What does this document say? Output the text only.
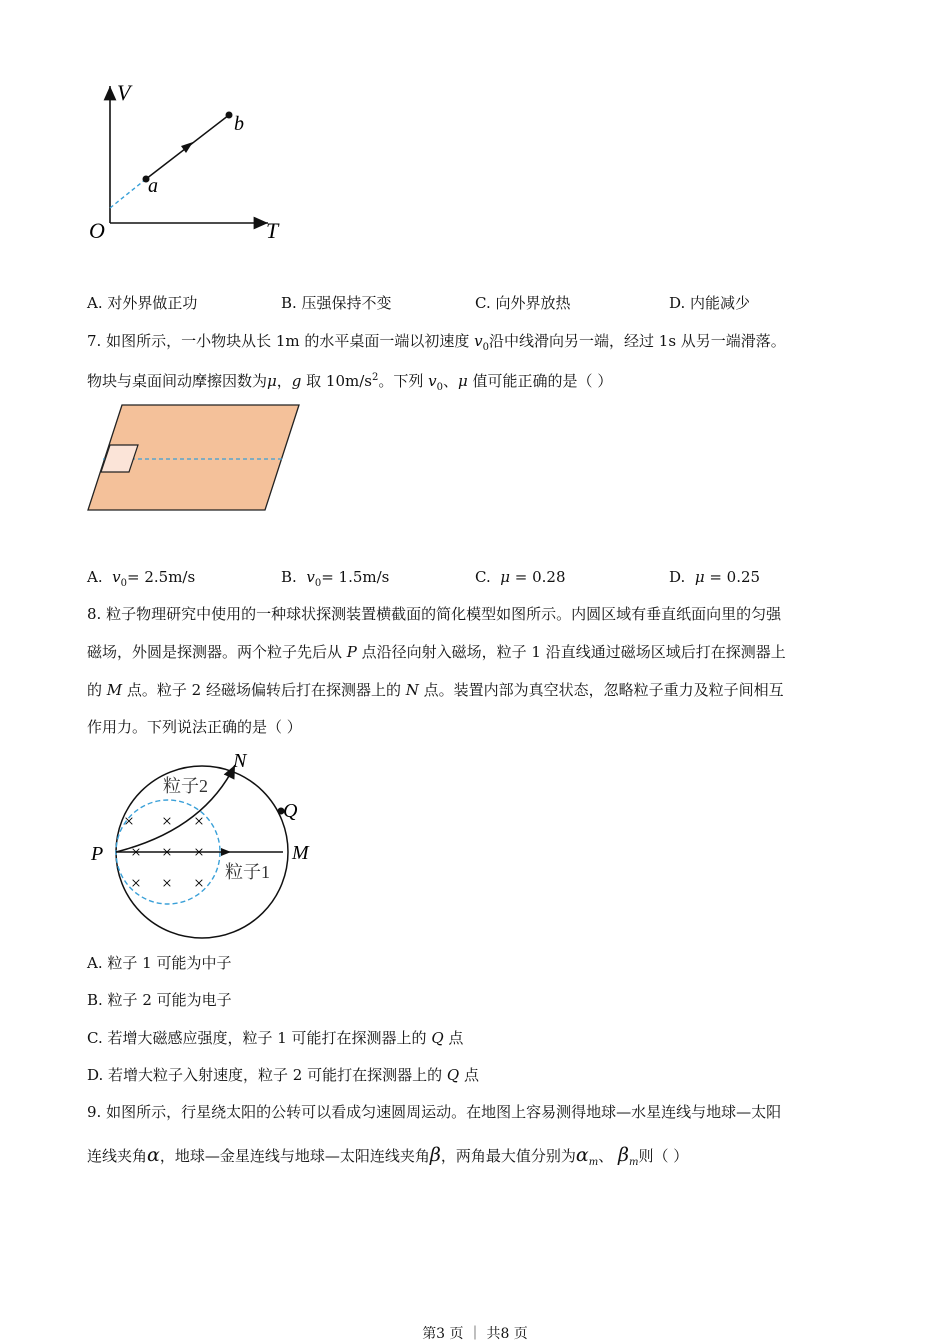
V
T
O
a
b
A. 对外界做正功	B. 压强保持不变	C. 向外界放热	D. 内能减少
7. 如图所示，一小物块从长 1m 的水平桌面一端以初速度 $v_0$沿中线滑向另一端，经过 1s 从另一端滑落。
物块与桌面间动摩擦因数为μ，g 取 $10m/s^2$。下列 $v_0$、μ 值可能正确的是（ ）
A. $v_0= 2.5m/s$	B. $v_0= 1.5m/s$	C. μ = 0.28	D. μ = 0.25
8. 粒子物理研究中使用的一种球状探测装置横截面的简化模型如图所示。内圆区域有垂直纸面向里的匀强
磁场，外圆是探测器。两个粒子先后从 P 点沿径向射入磁场，粒子 1 沿直线通过磁场区域后打在探测器上
的 M 点。粒子 2 经磁场偏转后打在探测器上的 N 点。装置内部为真空状态，忽略粒子重力及粒子间相互
作用力。下列说法正确的是（ ）
× × ×
× × ×
× × ×
N
Q
P	M
粒子2
粒子1
A. 粒子 1 可能为中子
B. 粒子 2 可能为电子
C. 若增大磁感应强度，粒子 1 可能打在探测器上的 Q 点
D. 若增大粒子入射速度，粒子 2 可能打在探测器上的 Q 点
9. 如图所示，行星绕太阳的公转可以看成匀速圆周运动。在地图上容易测得地球—水星连线与地球—太阳
连线夹角α，地球—金星连线与地球—太阳连线夹角β，两角最大值分别为$\alpha_m$、 $\beta_m$则（ ）
第3 页 ｜ 共8 页
